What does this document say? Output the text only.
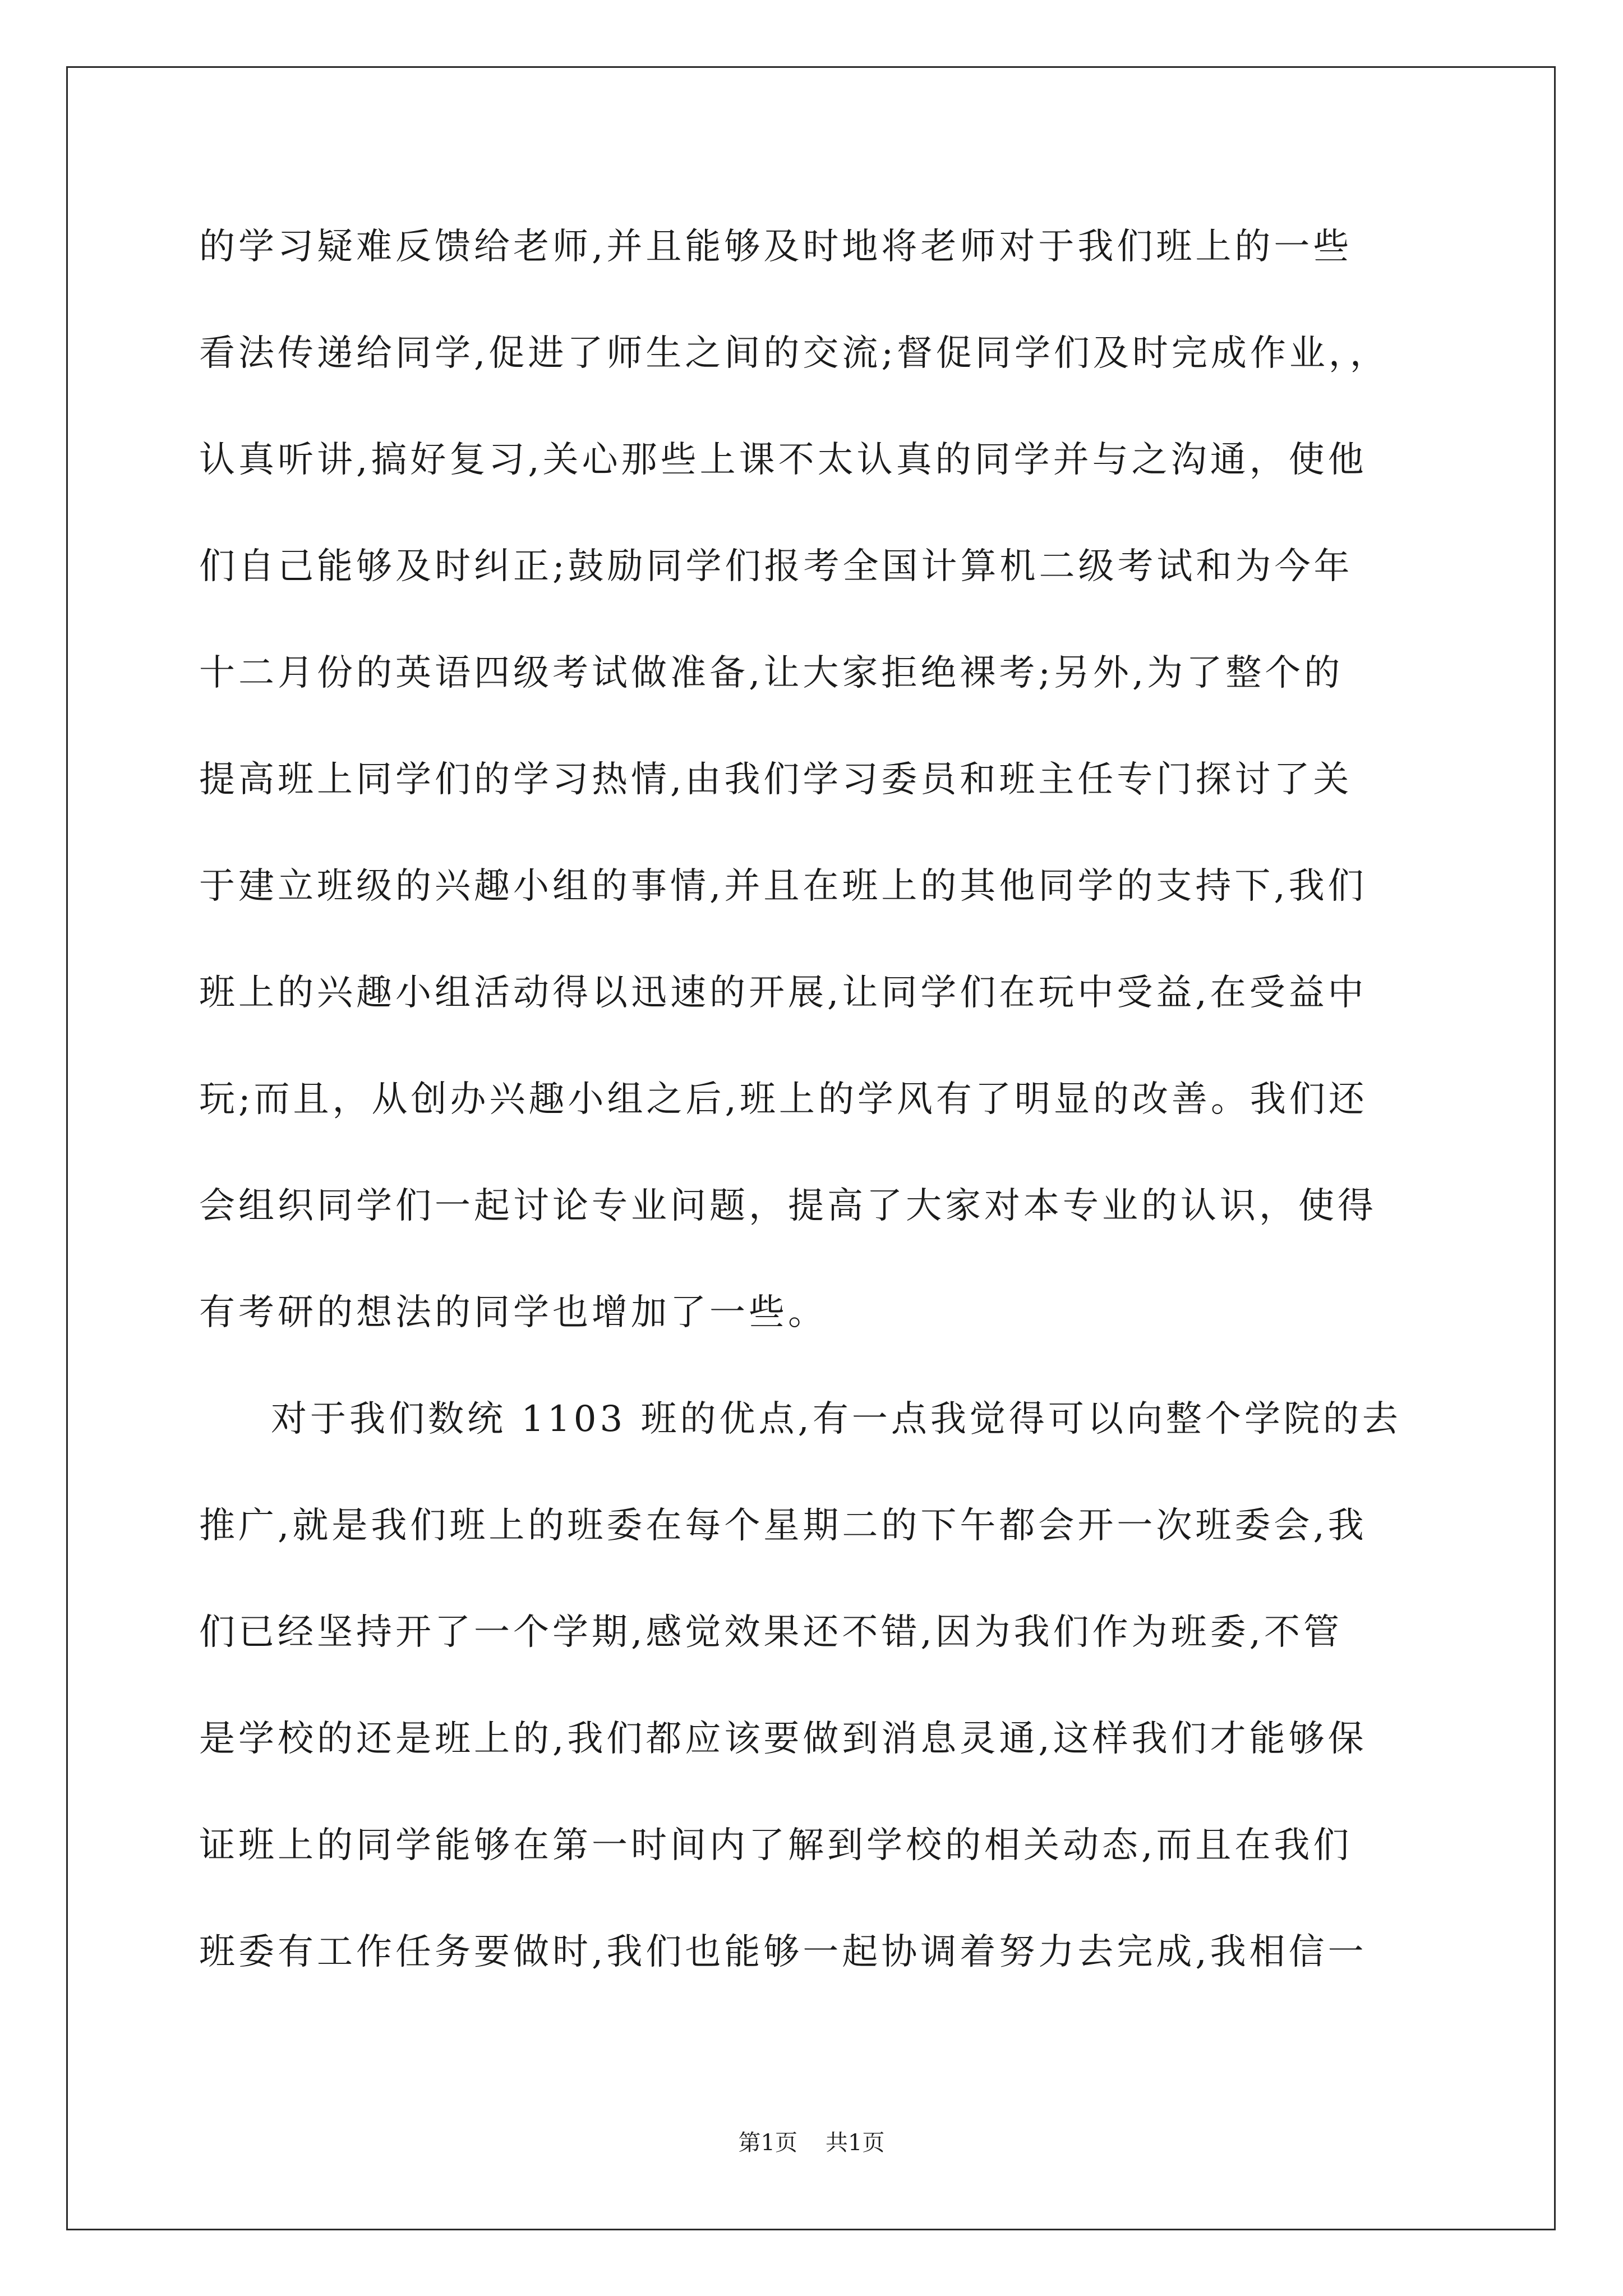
的学习疑难反馈给老师,并且能够及时地将老师对于我们班上的一些
看法传递给同学,促进了师生之间的交流;督促同学们及时完成作业，，
认真听讲,搞好复习,关心那些上课不太认真的同学并与之沟通，使他
们自己能够及时纠正;鼓励同学们报考全国计算机二级考试和为今年
十二月份的英语四级考试做准备,让大家拒绝裸考;另外,为了整个的
提高班上同学们的学习热情,由我们学习委员和班主任专门探讨了关
于建立班级的兴趣小组的事情,并且在班上的其他同学的支持下,我们
班上的兴趣小组活动得以迅速的开展,让同学们在玩中受益,在受益中
玩;而且，从创办兴趣小组之后,班上的学风有了明显的改善。我们还
会组织同学们一起讨论专业问题，提高了大家对本专业的认识，使得
有考研的想法的同学也增加了一些。
对于我们数统 1103 班的优点,有一点我觉得可以向整个学院的去
推广,就是我们班上的班委在每个星期二的下午都会开一次班委会,我
们已经坚持开了一个学期,感觉效果还不错,因为我们作为班委,不管
是学校的还是班上的,我们都应该要做到消息灵通,这样我们才能够保
证班上的同学能够在第一时间内了解到学校的相关动态,而且在我们
班委有工作任务要做时,我们也能够一起协调着努力去完成,我相信一
第1页 共1页
